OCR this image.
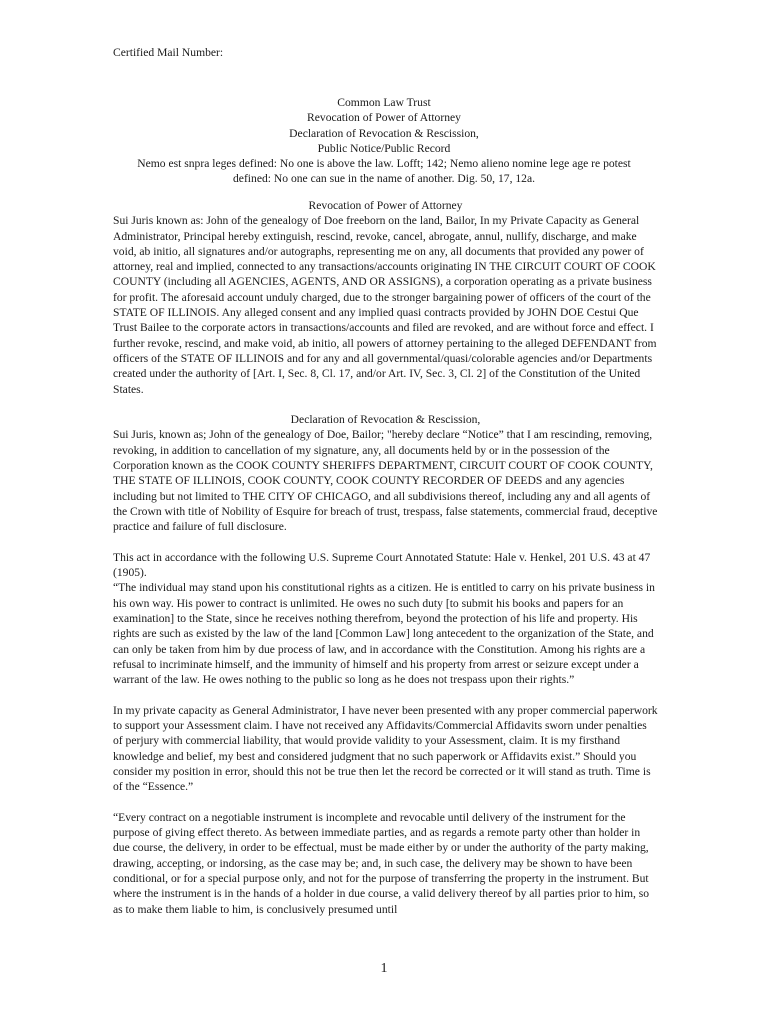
Certified Mail Number:
Common Law Trust
Revocation of Power of Attorney
Declaration of Revocation & Rescission,
Public Notice/Public Record
Nemo est snpra leges defined: No one is above the law. Lofft; 142; Nemo alieno nomine lege age re potest
defined: No one can sue in the name of another. Dig. 50, 17, 12a.
Revocation of Power of Attorney
Sui Juris known as: John of the genealogy of Doe freeborn on the land, Bailor, In my Private Capacity as General Administrator, Principal hereby extinguish, rescind, revoke, cancel, abrogate, annul, nullify, discharge, and make void, ab initio, all signatures and/or autographs, representing me on any, all documents that provided any power of attorney, real and implied, connected to any transactions/accounts originating IN THE CIRCUIT COURT OF COOK COUNTY (including all AGENCIES, AGENTS, AND OR ASSIGNS), a corporation operating as a private business for profit. The aforesaid account unduly charged, due to the stronger bargaining power of officers of the court of the STATE OF ILLINOIS. Any alleged consent and any implied quasi contracts provided by JOHN DOE Cestui Que Trust Bailee to the corporate actors in transactions/accounts and filed are revoked, and are without force and effect. I further revoke, rescind, and make void, ab initio, all powers of attorney pertaining to the alleged DEFENDANT from officers of the STATE OF ILLINOIS and for any and all governmental/quasi/colorable agencies and/or Departments created under the authority of [Art. I, Sec. 8, Cl. 17, and/or Art. IV, Sec. 3, Cl. 2] of the Constitution of the United States.
Declaration of Revocation & Rescission,
Sui Juris, known as; John of the genealogy of Doe, Bailor; "hereby declare “Notice” that I am rescinding, removing, revoking, in addition to cancellation of my signature, any, all documents held by or in the possession of the Corporation known as the COOK COUNTY SHERIFFS DEPARTMENT, CIRCUIT COURT OF COOK COUNTY, THE STATE OF ILLINOIS, COOK COUNTY, COOK COUNTY RECORDER OF DEEDS and any agencies including but not limited to THE CITY OF CHICAGO, and all subdivisions thereof, including any and all agents of the Crown with title of Nobility of Esquire for breach of trust, trespass, false statements, commercial fraud, deceptive practice and failure of full disclosure.
This act in accordance with the following U.S. Supreme Court Annotated Statute: Hale v. Henkel, 201 U.S. 43 at 47 (1905).
“The individual may stand upon his constitutional rights as a citizen. He is entitled to carry on his private business in his own way. His power to contract is unlimited. He owes no such duty [to submit his books and papers for an examination] to the State, since he receives nothing therefrom, beyond the protection of his life and property. His rights are such as existed by the law of the land [Common Law] long antecedent to the organization of the State, and can only be taken from him by due process of law, and in accordance with the Constitution. Among his rights are a refusal to incriminate himself, and the immunity of himself and his property from arrest or seizure except under a warrant of the law. He owes nothing to the public so long as he does not trespass upon their rights.”
In my private capacity as General Administrator, I have never been presented with any proper commercial paperwork to support your Assessment claim. I have not received any Affidavits/Commercial Affidavits sworn under penalties of perjury with commercial liability, that would provide validity to your Assessment, claim. It is my firsthand knowledge and belief, my best and considered judgment that no such paperwork or Affidavits exist.” Should you consider my position in error, should this not be true then let the record be corrected or it will stand as truth. Time is of the “Essence.”
“Every contract on a negotiable instrument is incomplete and revocable until delivery of the instrument for the purpose of giving effect thereto. As between immediate parties, and as regards a remote party other than holder in due course, the delivery, in order to be effectual, must be made either by or under the authority of the party making, drawing, accepting, or indorsing, as the case may be; and, in such case, the delivery may be shown to have been conditional, or for a special purpose only, and not for the purpose of transferring the property in the instrument. But where the instrument is in the hands of a holder in due course, a valid delivery thereof by all parties prior to him, so as to make them liable to him, is conclusively presumed until
1
